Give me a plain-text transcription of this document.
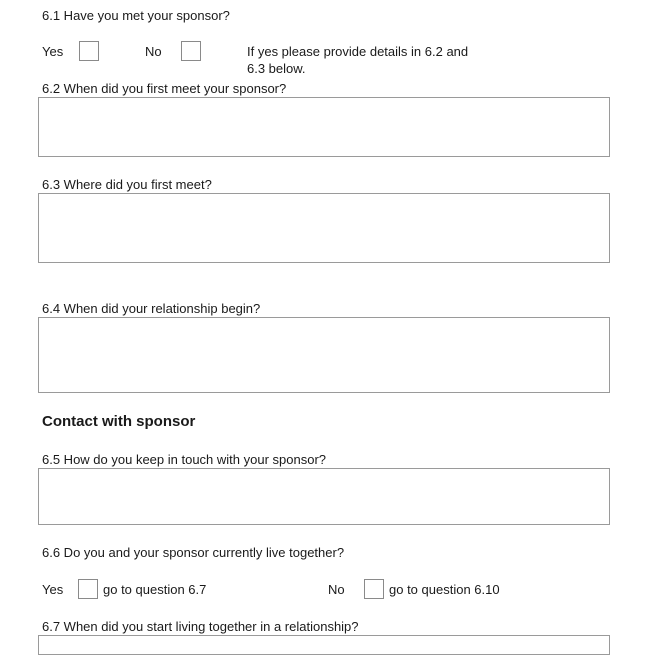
6.1 Have you met your sponsor?
Yes	No	If yes please provide details in 6.2 and
6.3 below.
6.2 When did you first meet your sponsor?
6.3 Where did you first meet?
6.4 When did your relationship begin?
Contact with sponsor
6.5 How do you keep in touch with your sponsor?
6.6 Do you and your sponsor currently live together?
Yes	go to question 6.7	No	go to question 6.10
6.7 When did you start living together in a relationship?
